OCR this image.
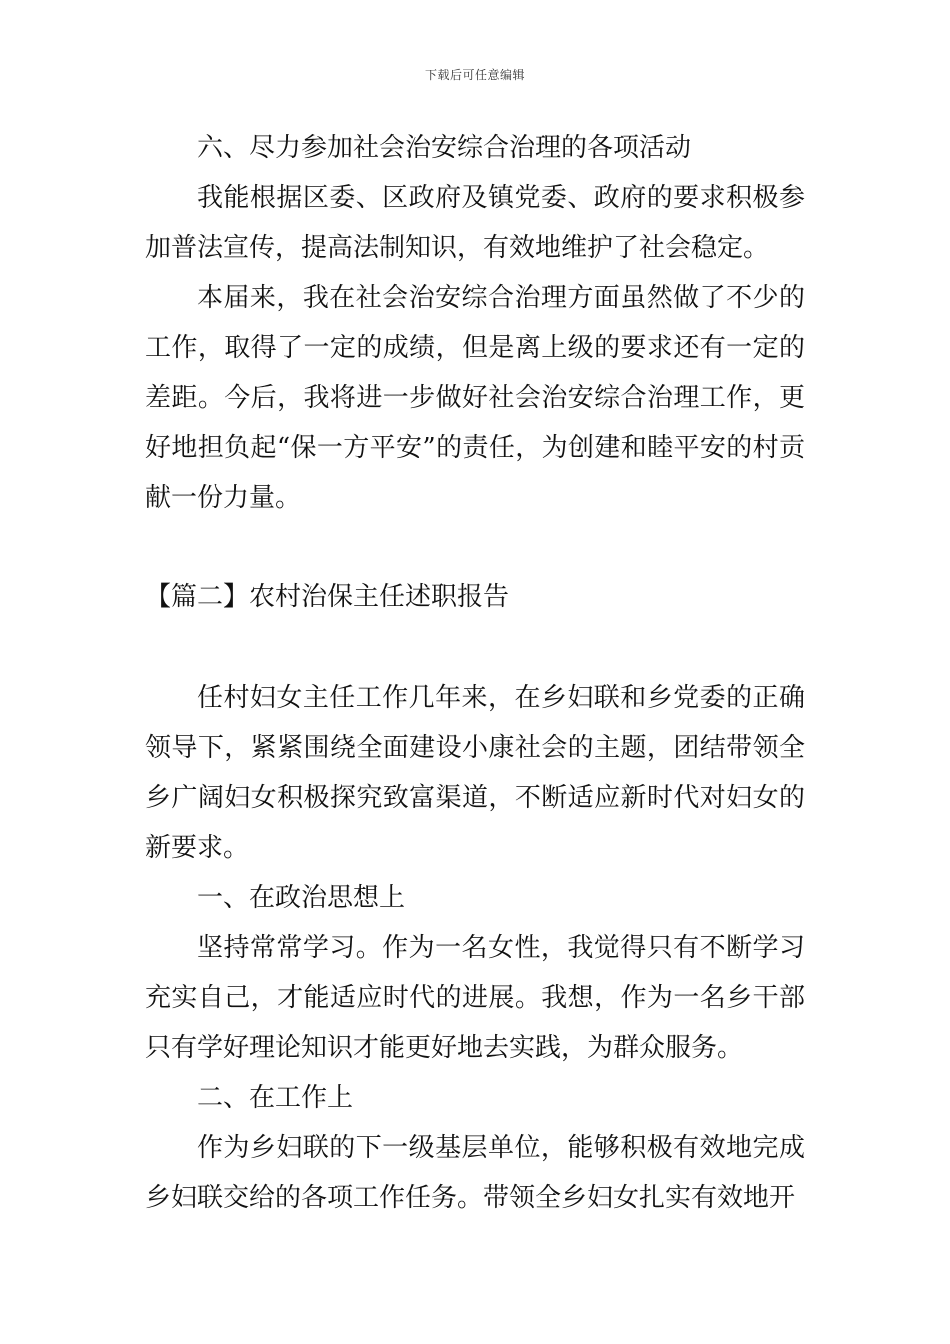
下载后可任意编辑

六、尽力参加社会治安综合治理的各项活动

我能根据区委、区政府及镇党委、政府的要求积极参加普法宣传，提高法制知识，有效地维护了社会稳定。

本届来，我在社会治安综合治理方面虽然做了不少的工作，取得了一定的成绩，但是离上级的要求还有一定的差距。今后，我将进一步做好社会治安综合治理工作，更好地担负起“保一方平安”的责任，为创建和睦平安的村贡献一份力量。

【篇二】农村治保主任述职报告

任村妇女主任工作几年来，在乡妇联和乡党委的正确领导下，紧紧围绕全面建设小康社会的主题，团结带领全乡广阔妇女积极探究致富渠道，不断适应新时代对妇女的新要求。

一、在政治思想上

坚持常常学习。作为一名女性，我觉得只有不断学习充实自己，才能适应时代的进展。我想，作为一名乡干部只有学好理论知识才能更好地去实践，为群众服务。

二、在工作上

作为乡妇联的下一级基层单位，能够积极有效地完成乡妇联交给的各项工作任务。带领全乡妇女扎实有效地开
